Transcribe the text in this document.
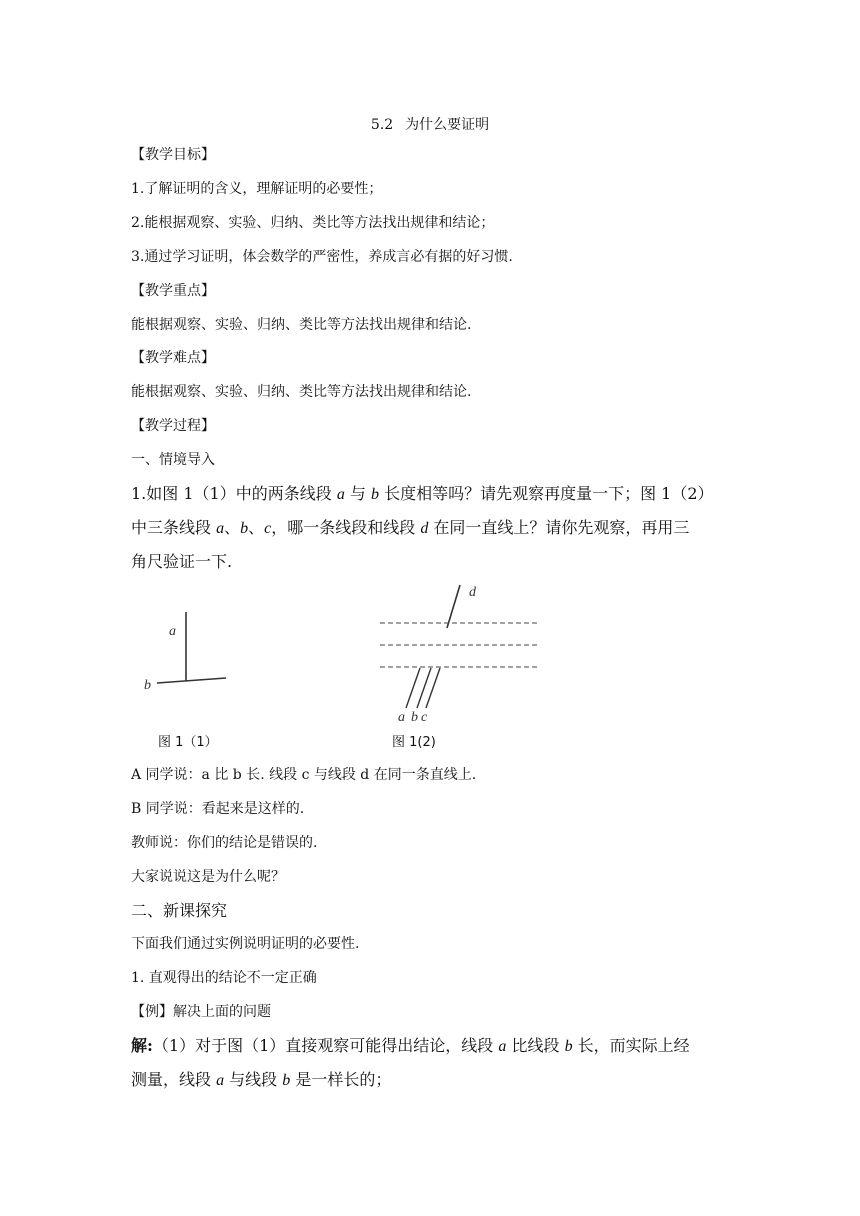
5.2 为什么要证明
【教学目标】
1.了解证明的含义，理解证明的必要性；
2.能根据观察、实验、归纳、类比等方法找出规律和结论；
3.通过学习证明，体会数学的严密性，养成言必有据的好习惯.
【教学重点】
能根据观察、实验、归纳、类比等方法找出规律和结论.
【教学难点】
能根据观察、实验、归纳、类比等方法找出规律和结论.
【教学过程】
一、情境导入
1.如图 1（1）中的两条线段 a 与 b 长度相等吗？请先观察再度量一下；图 1（2）
中三条线段 a、b、c，哪一条线段和线段 d 在同一直线上？请你先观察，再用三
角尺验证一下.
a
b
图 1（1）
d
a b c
图 1(2)
A 同学说：a 比 b 长. 线段 c 与线段 d 在同一条直线上.
B 同学说：看起来是这样的.
教师说：你们的结论是错误的.
大家说说这是为什么呢？
二、新课探究
下面我们通过实例说明证明的必要性.
1. 直观得出的结论不一定正确
【例】解决上面的问题
解:（1）对于图（1）直接观察可能得出结论，线段 a 比线段 b 长，而实际上经
测量，线段 a 与线段 b 是一样长的；
